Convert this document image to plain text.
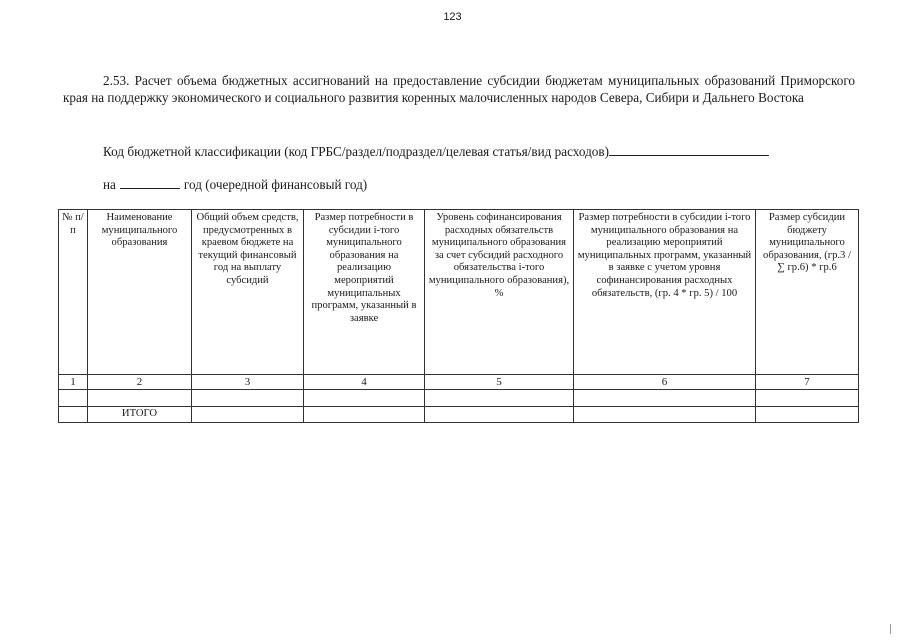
123

2.53. Расчет объема бюджетных ассигнований на предоставление субсидии бюджетам муниципальных образований Приморского края на поддержку экономического и социального развития коренных малочисленных народов Севера, Сибири и Дальнего Востока

Код бюджетной классификации (код ГРБС/раздел/подраздел/целевая статья/вид расходов)
на	год (очередной финансовый год)
№ п/п	Наименование муниципального образования	Общий объем средств, предусмотренных в краевом бюджете на текущий финансовый год на выплату субсидий	Размер потребности в субсидии i-того муниципального образования на реализацию мероприятий муниципальных программ, указанный в заявке	Уровень софинансирования расходных обязательств муниципального образования за счет субсидий расходного обязательства i-того муниципального образования), %	Размер потребности в субсидии i-того муниципального образования на реализацию мероприятий муниципальных программ, указанный в заявке с учетом уровня софинансирования расходных обязательств, (гр. 4 * гр. 5) / 100	Размер субсидии бюджету муниципального образования, (гр.3 / ∑ гр.6) * гр.6
1	2	3	4	5	6	7

	ИТОГО					
